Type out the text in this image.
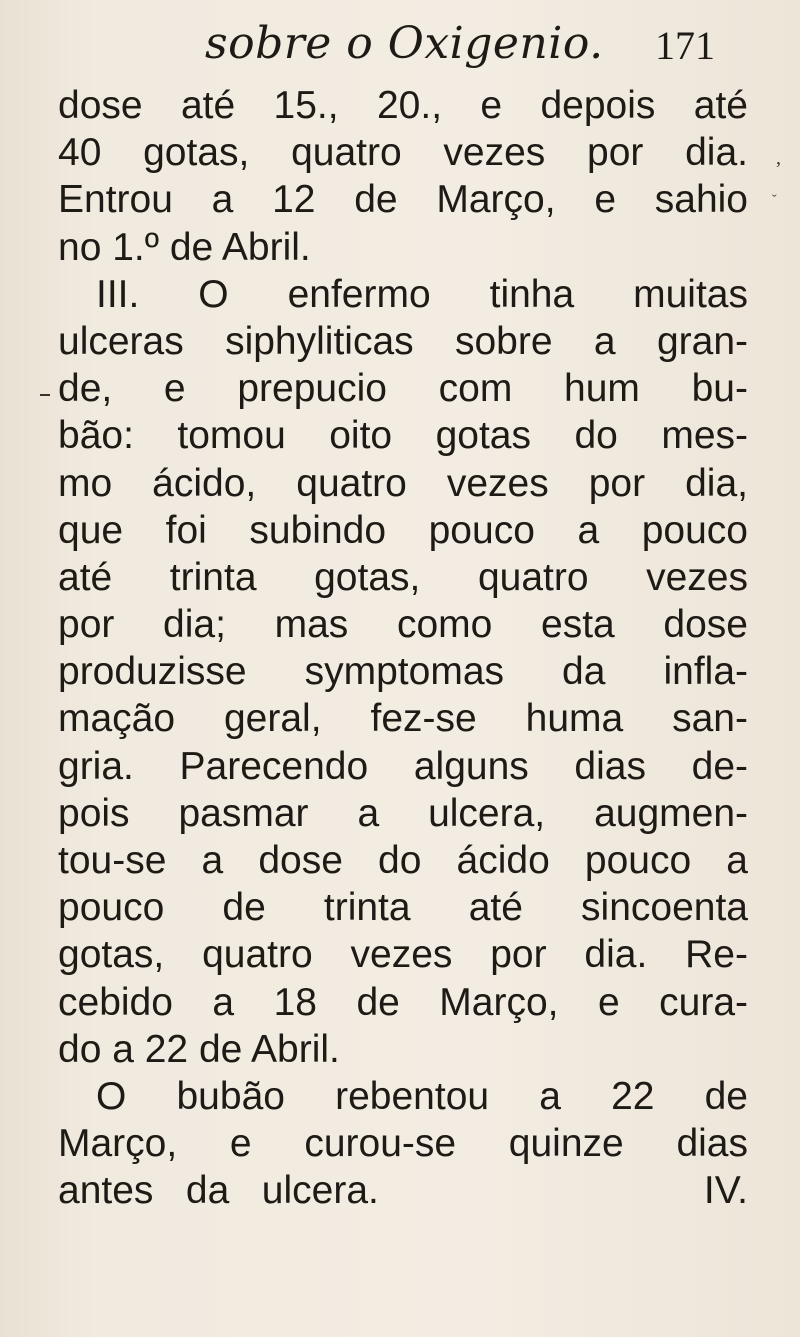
sobre o Oxigenio. 171
dose até 15., 20., e depois até
40 gotas, quatro vezes por dia.
Entrou a 12 de Março, e sahio
no 1.º de Abril.
III. O enfermo tinha muitas
ulceras siphyliticas sobre a gran-
de, e prepucio com hum bu-
bão: tomou oito gotas do mes-
mo ácido, quatro vezes por dia,
que foi subindo pouco a pouco
até trinta gotas, quatro vezes
por dia; mas como esta dose
produzisse symptomas da infla-
mação geral, fez-se huma san-
gria. Parecendo alguns dias de-
pois pasmar a ulcera, augmen-
tou-se a dose do ácido pouco a
pouco de trinta até sincoenta
gotas, quatro vezes por dia. Re-
cebido a 18 de Março, e cura-
do a 22 de Abril.
O bubão rebentou a 22 de
Março, e curou-se quinze dias
antes da ulcera.          IV.
,
ˇ
